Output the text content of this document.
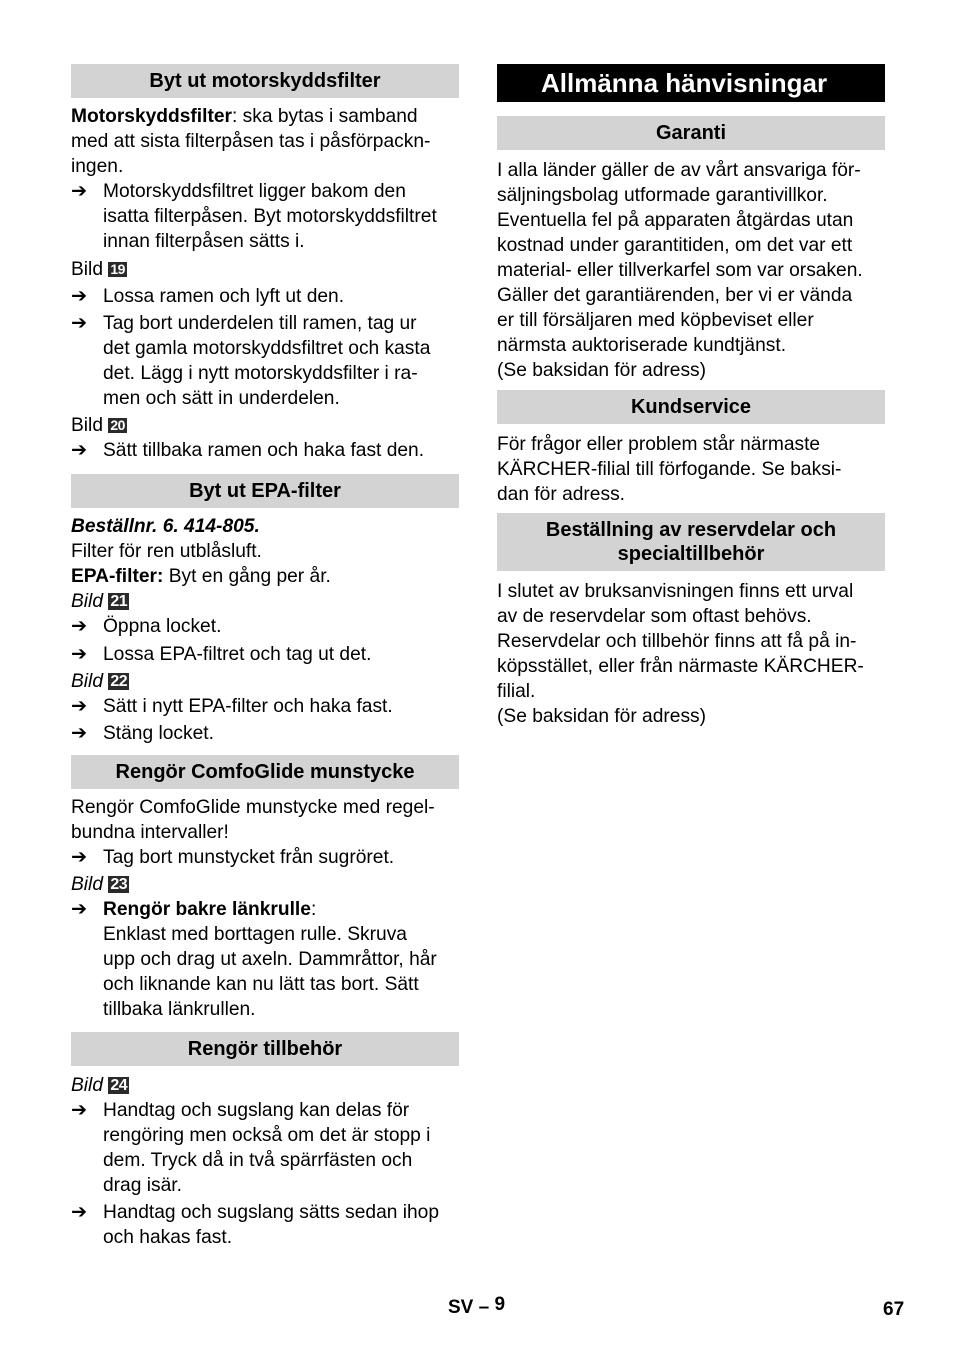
Byt ut motorskyddsfilter

Motorskyddsfilter: ska bytas i samband

med att sista filterpåsen tas i påsförpackn-

ingen.

➔ Motorskyddsfiltret ligger bakom den
isatta filterpåsen. Byt motorskyddsfiltret
innan filterpåsen sätts i.

Bild 19

➔ Lossa ramen och lyft ut den.
➔ Tag bort underdelen till ramen, tag ur
det gamla motorskyddsfiltret och kasta
det. Lägg i nytt motorskyddsfilter i ra-
men och sätt in underdelen.

Bild 20

➔ Sätt tillbaka ramen och haka fast den.
Byt ut EPA-filter

Beställnr. 6. 414-805.

Filter för ren utblåsluft.

EPA-filter: Byt en gång per år.

Bild 21

➔ Öppna locket.
➔ Lossa EPA-filtret och tag ut det.

Bild 22

➔ Sätt i nytt EPA-filter och haka fast.
➔ Stäng locket.
Rengör ComfoGlide munstycke

Rengör ComfoGlide munstycke med regel-

bundna intervaller!

➔ Tag bort munstycket från sugröret.

Bild 23

➔ Rengör bakre länkrulle:
Enklast med borttagen rulle. Skruva
upp och drag ut axeln. Dammråttor, hår
och liknande kan nu lätt tas bort. Sätt
tillbaka länkrullen.
Rengör tillbehör

Bild 24

➔ Handtag och sugslang kan delas för
rengöring men också om det är stopp i
dem. Tryck då in två spärrfästen och
drag isär.
➔ Handtag och sugslang sätts sedan ihop
och hakas fast.
Allmänna hänvisningar
Garanti

I alla länder gäller de av vårt ansvariga för-

säljningsbolag utformade garantivillkor.

Eventuella fel på apparaten åtgärdas utan

kostnad under garantitiden, om det var ett

material- eller tillverkarfel som var orsaken.

Gäller det garantiärenden, ber vi er vända

er till försäljaren med köpbeviset eller

närmsta auktoriserade kundtjänst.

(Se baksidan för adress)

Kundservice

För frågor eller problem står närmaste

KÄRCHER-filial till förfogande. Se baksi-

dan för adress.

Beställning av reservdelar och
specialtillbehör

I slutet av bruksanvisningen finns ett urval

av de reservdelar som oftast behövs.

Reservdelar och tillbehör finns att få på in-

köpsstället, eller från närmaste KÄRCHER-

filial.

(Se baksidan för adress)

SV – 9	67
